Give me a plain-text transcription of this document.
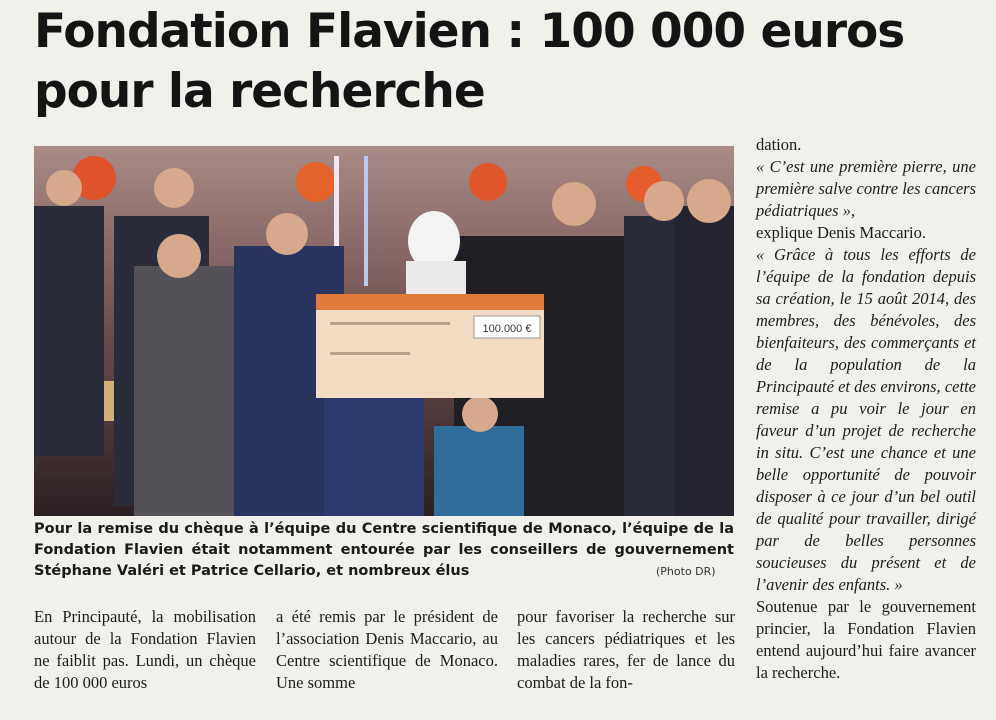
Fondation Flavien : 100 000 euros pour la recherche
100.000 €
Pour la remise du chèque à l’équipe du Centre scientifique de Monaco, l’équipe de la Fondation Flavien était notamment entourée par les conseillers de gouvernement Stéphane Valéri et Patrice Cellario, et nombreux élus	(Photo DR)

En Principauté, la mobilisation autour de la Fondation Flavien ne faiblit pas. Lundi, un chèque de 100 000 euros

a été remis par le président de l’association Denis Maccario, au Centre scientifique de Monaco. Une somme

pour favoriser la recherche sur les cancers pédiatriques et les maladies rares, fer de lance du combat de la fon-

dation.

« C’est une première pierre, une première salve contre les cancers pédiatriques »,

explique Denis Maccario.

« Grâce à tous les efforts de l’équipe de la fondation depuis sa création, le 15 août 2014, des membres, des bénévoles, des bienfaiteurs, des commerçants et de la population de la Principauté et des environs, cette remise a pu voir le jour en faveur d’un projet de recherche in situ. C’est une chance et une belle opportunité de pouvoir disposer à ce jour d’un bel outil de qualité pour travailler, dirigé par de belles personnes soucieuses du présent et de l’avenir des enfants. »

Soutenue par le gouvernement princier, la Fondation Flavien entend aujourd’hui faire avancer la recherche.
